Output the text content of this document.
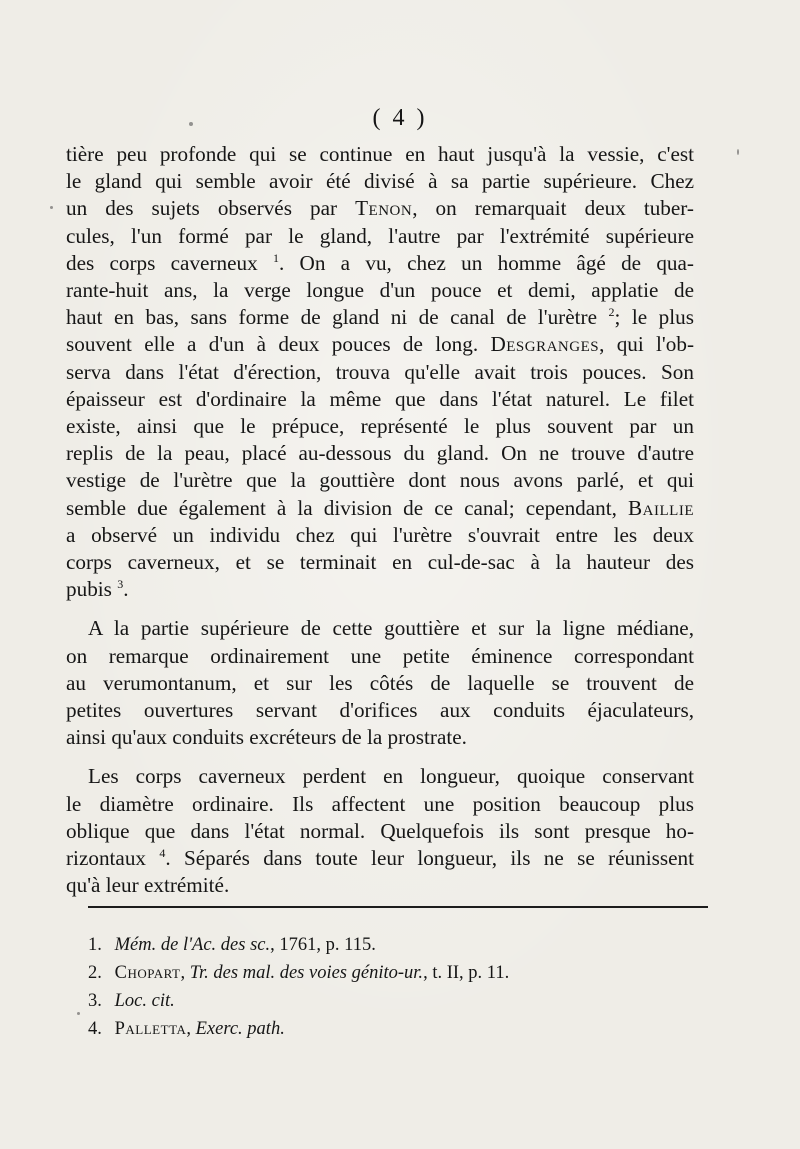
( 4 )
tière peu profonde qui se continue en haut jusqu'à la vessie, c'est
le gland qui semble avoir été divisé à sa partie supérieure. Chez
un des sujets observés par Tenon, on remarquait deux tuber-
cules, l'un formé par le gland, l'autre par l'extrémité supérieure
des corps caverneux $^1$. On a vu, chez un homme âgé de qua-
rante-huit ans, la verge longue d'un pouce et demi, applatie de
haut en bas, sans forme de gland ni de canal de l'urètre $^2$; le plus
souvent elle a d'un à deux pouces de long. Desgranges, qui l'ob-
serva dans l'état d'érection, trouva qu'elle avait trois pouces. Son
épaisseur est d'ordinaire la même que dans l'état naturel. Le filet
existe, ainsi que le prépuce, représenté le plus souvent par un
replis de la peau, placé au-dessous du gland. On ne trouve d'autre
vestige de l'urètre que la gouttière dont nous avons parlé, et qui
semble due également à la division de ce canal; cependant, Baillie
a observé un individu chez qui l'urètre s'ouvrait entre les deux
corps caverneux, et se terminait en cul-de-sac à la hauteur des
pubis $^3$.
A la partie supérieure de cette gouttière et sur la ligne médiane,
on remarque ordinairement une petite éminence correspondant
au verumontanum, et sur les côtés de laquelle se trouvent de
petites ouvertures servant d'orifices aux conduits éjaculateurs,
ainsi qu'aux conduits excréteurs de la prostrate.
Les corps caverneux perdent en longueur, quoique conservant
le diamètre ordinaire. Ils affectent une position beaucoup plus
oblique que dans l'état normal. Quelquefois ils sont presque ho-
rizontaux $^4$. Séparés dans toute leur longueur, ils ne se réunissent
qu'à leur extrémité.
1. Mém. de l'Ac. des sc., 1761, p. 115.
2. Chopart, Tr. des mal. des voies génito-ur., t. II, p. 11.
3. Loc. cit.
4. Palletta, Exerc. path.
